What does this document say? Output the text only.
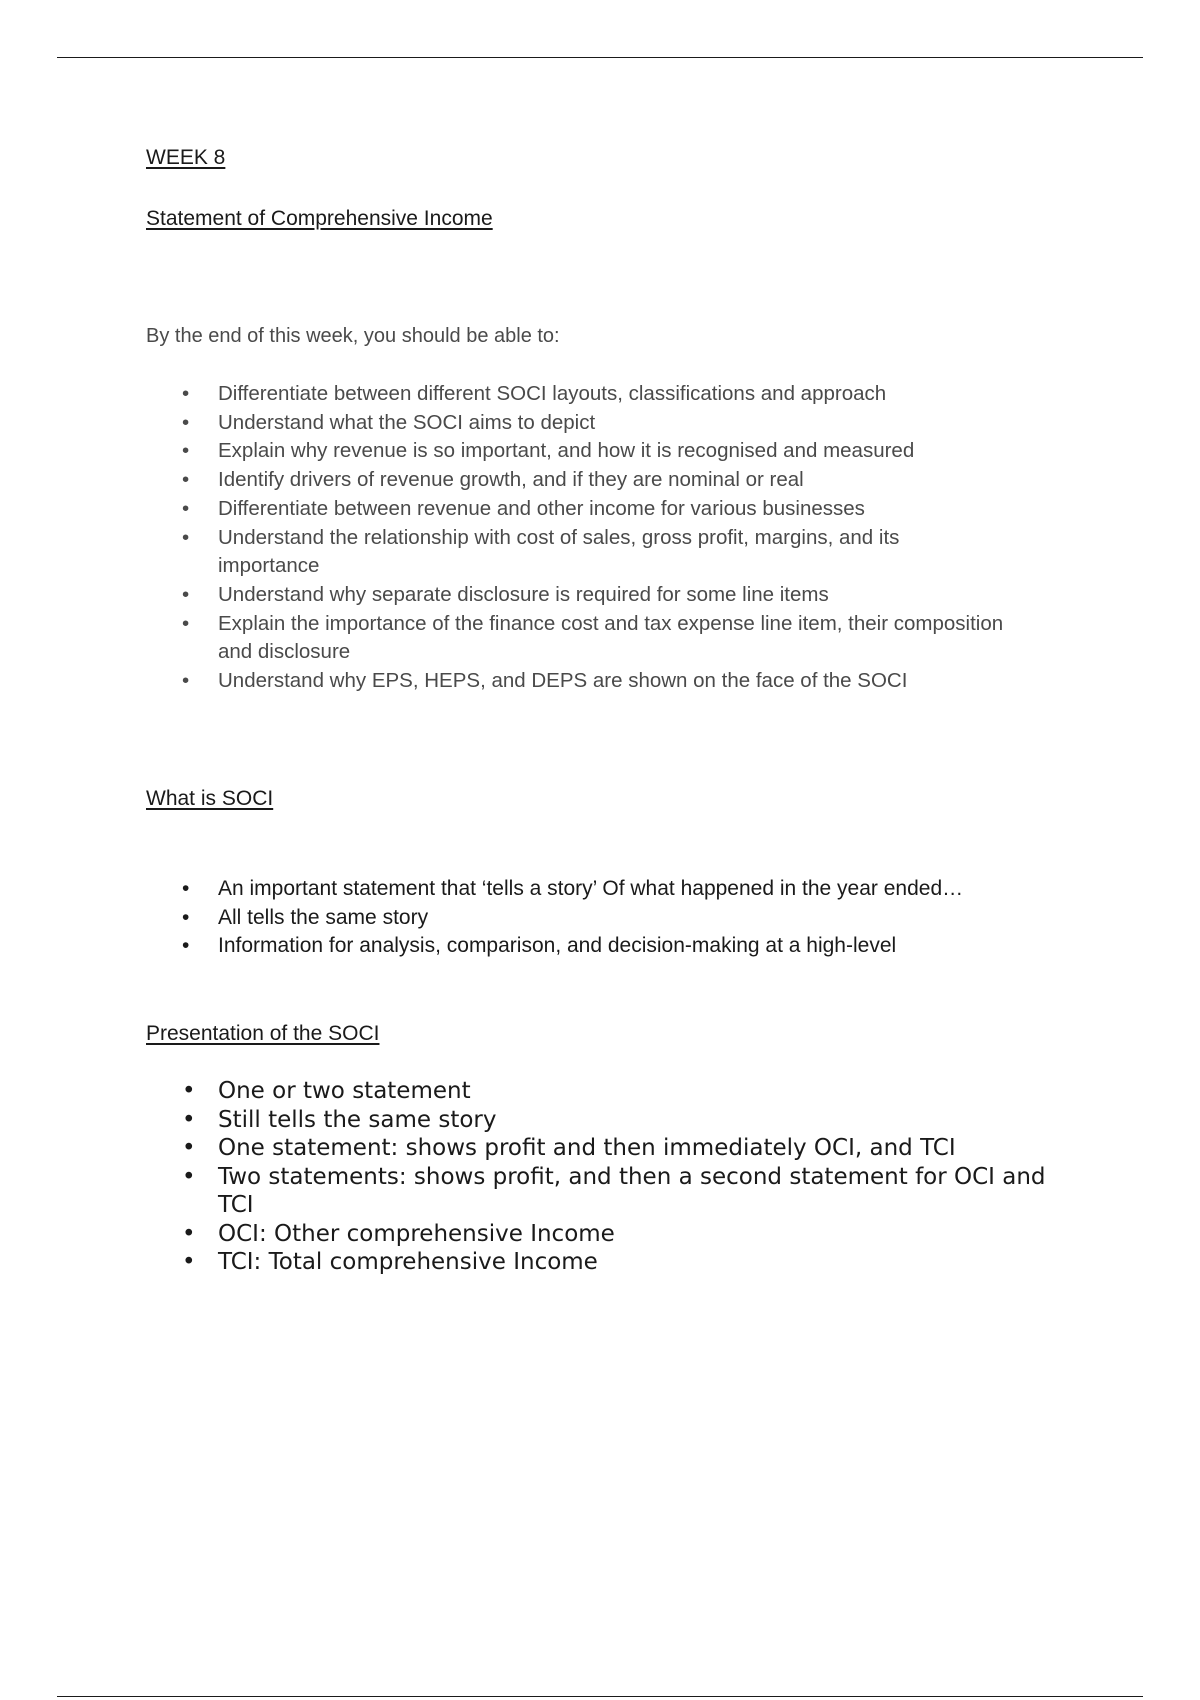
WEEK 8
Statement of Comprehensive Income

By the end of this week, you should be able to:

• Differentiate between different SOCI layouts, classifications and approach
• Understand what the SOCI aims to depict
• Explain why revenue is so important, and how it is recognised and measured
• Identify drivers of revenue growth, and if they are nominal or real
• Differentiate between revenue and other income for various businesses
• Understand the relationship with cost of sales, gross profit, margins, and its importance
• Understand why separate disclosure is required for some line items
• Explain the importance of the finance cost and tax expense line item, their composition and disclosure
• Understand why EPS, HEPS, and DEPS are shown on the face of the SOCI
What is SOCI
• An important statement that ‘tells a story’ Of what happened in the year ended…
• All tells the same story
• Information for analysis, comparison, and decision-making at a high-level
Presentation of the SOCI
• One or two statement
• Still tells the same story
• One statement: shows profit and then immediately OCI, and TCI
• Two statements: shows profit, and then a second statement for OCI and TCI
• OCI: Other comprehensive Income
• TCI: Total comprehensive Income
